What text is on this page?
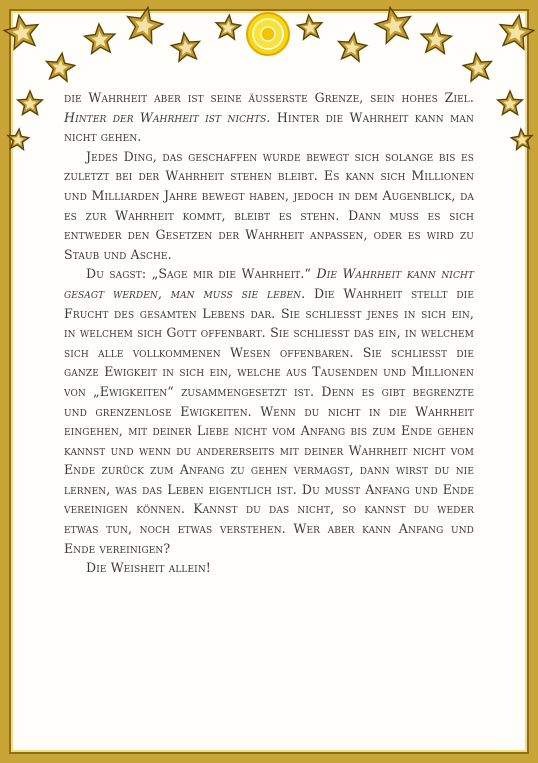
die Wahrheit aber ist seine äusserste Grenze, sein hohes Ziel. Hinter der Wahrheit ist nichts. Hinter die Wahrheit kann man nicht gehen.

Jedes Ding, das geschaffen wurde bewegt sich solange bis es zuletzt bei der Wahrheit stehen bleibt. Es kann sich Millionen und Milliarden Jahre bewegt haben, jedoch in dem Augenblick, da es zur Wahrheit kommt, bleibt es stehn. Dann muss es sich entweder den Gesetzen der Wahrheit anpassen, oder es wird zu Staub und Asche.

Du sagst: „Sage mir die Wahrheit.“ Die Wahrheit kann nicht gesagt werden, man muss sie leben. Die Wahrheit stellt die Frucht des gesamten Lebens dar. Sie schliesst jenes in sich ein, in welchem sich Gott offenbart. Sie schliesst das ein, in welchem sich alle vollkommenen Wesen offenbaren. Sie schliesst die ganze Ewigkeit in sich ein, welche aus Tausenden und Millionen von „Ewigkeiten“ zusammengesetzt ist. Denn es gibt begrenzte und grenzenlose Ewigkeiten. Wenn du nicht in die Wahrheit eingehen, mit deiner Liebe nicht vom Anfang bis zum Ende gehen kannst und wenn du andererseits mit deiner Wahrheit nicht vom Ende zurück zum Anfang zu gehen vermagst, dann wirst du nie lernen, was das Leben eigentlich ist. Du musst Anfang und Ende vereinigen können. Kannst du das nicht, so kannst du weder etwas tun, noch etwas verstehen. Wer aber kann Anfang und Ende vereinigen?

Die Weisheit allein!
